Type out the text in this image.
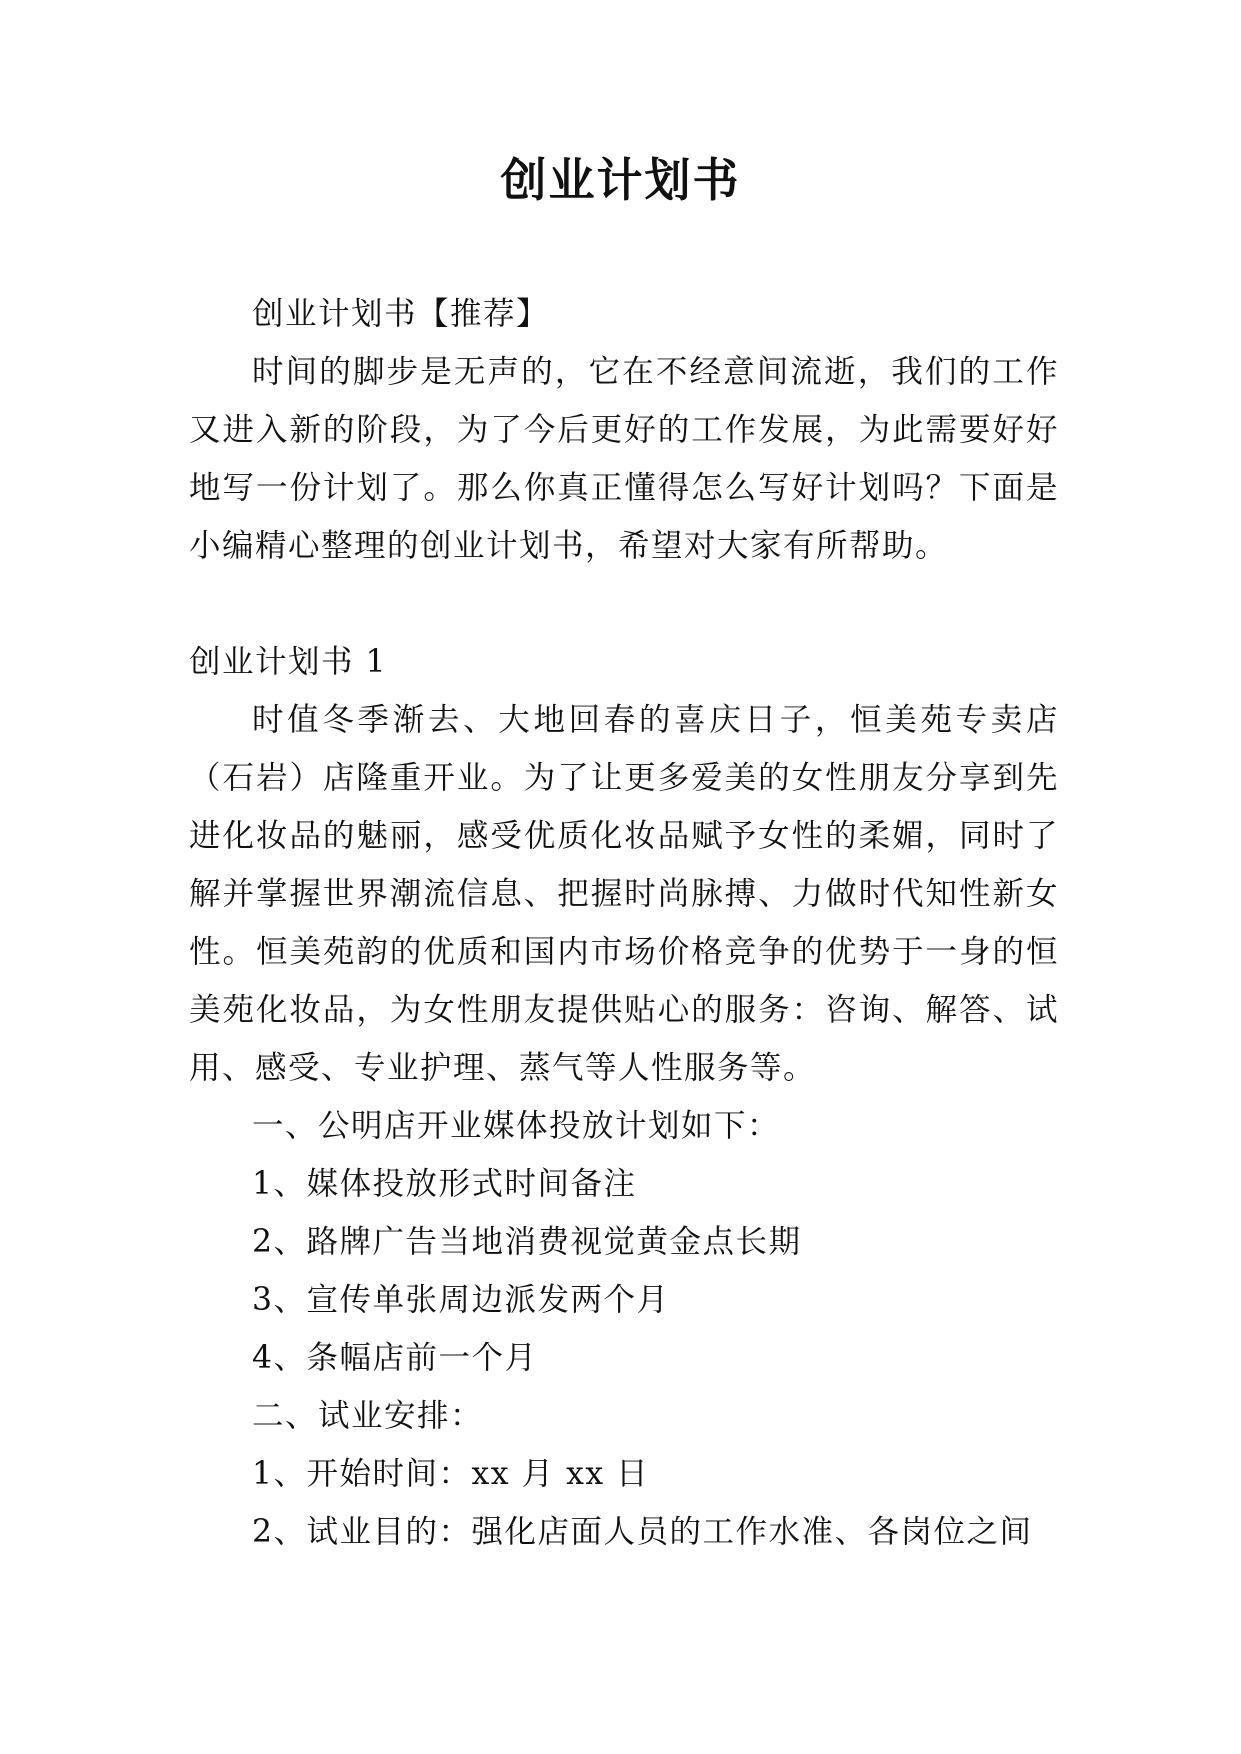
创业计划书

创业计划书【推荐】

时间的脚步是无声的，它在不经意间流逝，我们的工作又进入新的阶段，为了今后更好的工作发展，为此需要好好地写一份计划了。那么你真正懂得怎么写好计划吗？下面是小编精心整理的创业计划书，希望对大家有所帮助。

创业计划书 1

时值冬季渐去、大地回春的喜庆日子，恒美苑专卖店（石岩）店隆重开业。为了让更多爱美的女性朋友分享到先进化妆品的魅丽，感受优质化妆品赋予女性的柔媚，同时了解并掌握世界潮流信息、把握时尚脉搏、力做时代知性新女性。恒美苑韵的优质和国内市场价格竞争的优势于一身的恒美苑化妆品，为女性朋友提供贴心的服务：咨询、解答、试用、感受、专业护理、蒸气等人性服务等。

一、公明店开业媒体投放计划如下：

1、媒体投放形式时间备注

2、路牌广告当地消费视觉黄金点长期

3、宣传单张周边派发两个月

4、条幅店前一个月

二、试业安排：

1、开始时间：xx 月 xx 日

2、试业目的：强化店面人员的工作水准、各岗位之间
